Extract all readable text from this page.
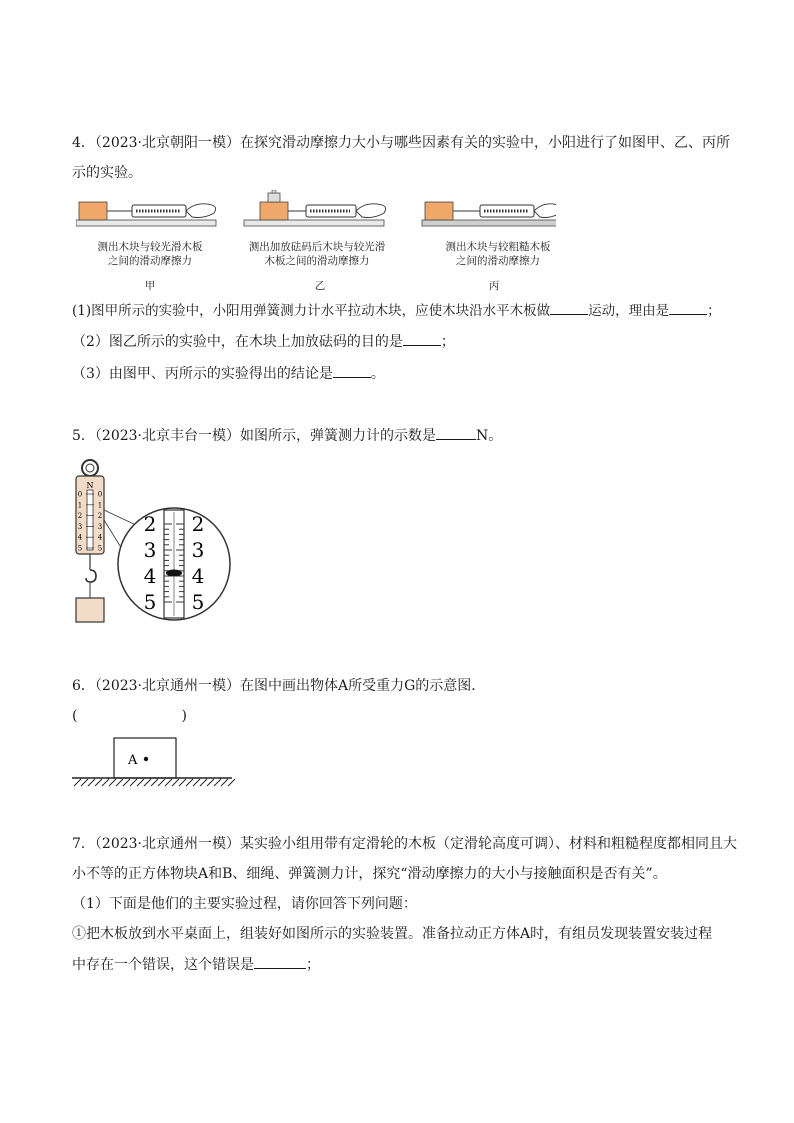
4．（2023·北京朝阳一模）在探究滑动摩擦力大小与哪些因素有关的实验中，小阳进行了如图甲、乙、丙所
示的实验。
测出木块与较光滑木板
之间的滑动摩擦力
甲
测出加放砝码后木块与较光滑
木板之间的滑动摩擦力
乙
测出木块与较粗糙木板
之间的滑动摩擦力
丙
(1)图甲所示的实验中，小阳用弹簧测力计水平拉动木块，应使木块沿水平木板做	运动，理由是	；
（2）图乙所示的实验中，在木块上加放砝码的目的是	；
（3）由图甲、丙所示的实验得出的结论是	。
5．（2023·北京丰台一模）如图所示，弹簧测力计的示数是	N。
N
0 0
1 1
2 2
3 3
4 4
5 5
2 2
3 3
4 4
5 5
6．（2023·北京通州一模）在图中画出物体A所受重力G的示意图．
(	)
A
7．（2023·北京通州一模）某实验小组用带有定滑轮的木板（定滑轮高度可调）、材料和粗糙程度都相同且大
小不等的正方体物块A和B、细绳、弹簧测力计，探究“滑动摩擦力的大小与接触面积是否有关”。
（1）下面是他们的主要实验过程，请你回答下列问题：
①把木板放到水平桌面上，组装好如图所示的实验装置。准备拉动正方体A时，有组员发现装置安装过程
中存在一个错误，这个错误是	；
